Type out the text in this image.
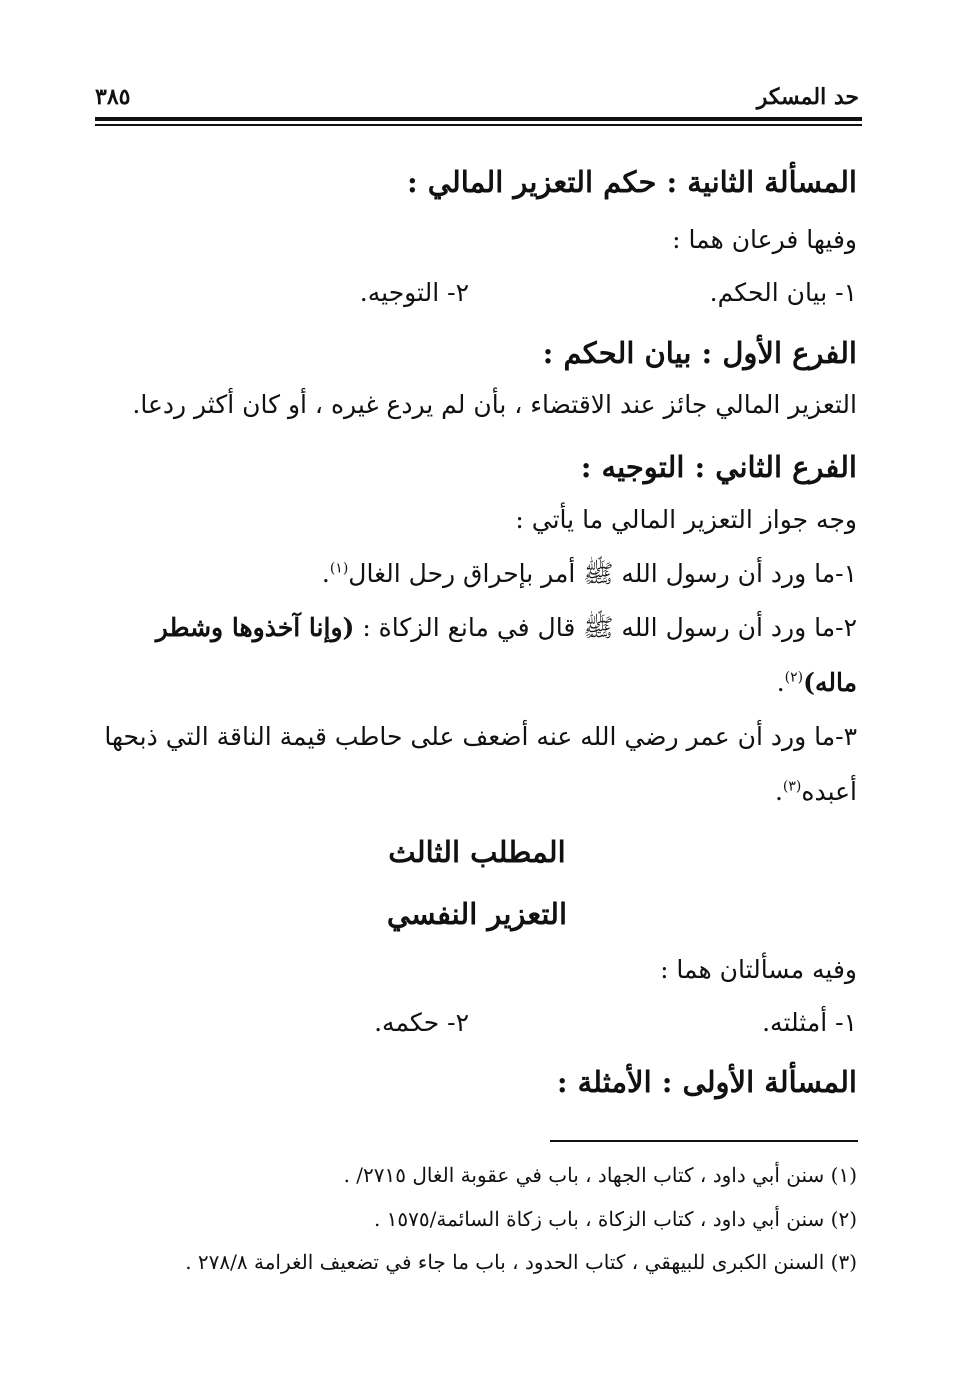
حد المسكر
٣٨٥
المسألة الثانية : حكم التعزير المالي :
وفيها فرعان هما :
١- بيان الحكم.
٢- التوجيه.
الفرع الأول : بيان الحكم :
التعزير المالي جائز عند الاقتضاء ، بأن لم يردع غيره ، أو كان أكثر ردعا.
الفرع الثاني : التوجيه :
وجه جواز التعزير المالي ما يأتي :
١-ما ورد أن رسول الله ﷺ أمر بإحراق رحل الغال$^{(١)}$.
٢-ما ورد أن رسول الله ﷺ قال في مانع الزكاة : (وإنا آخذوها وشطر
ماله)$^{(٢)}$.
٣-ما ورد أن عمر رضي الله عنه أضعف على حاطب قيمة الناقة التي ذبحها
أعبده$^{(٣)}$.
المطلب الثالث
التعزير النفسي
وفيه مسألتان هما :
١- أمثلته.
٢- حكمه.
المسألة الأولى : الأمثلة :
(١) سنن أبي داود ، كتاب الجهاد ، باب في عقوبة الغال ٢٧١٥/ .
(٢) سنن أبي داود ، كتاب الزكاة ، باب زكاة السائمة/١٥٧٥ .
(٣) السنن الكبرى للبيهقي ، كتاب الحدود ، باب ما جاء في تضعيف الغرامة ٢٧٨/٨ .
